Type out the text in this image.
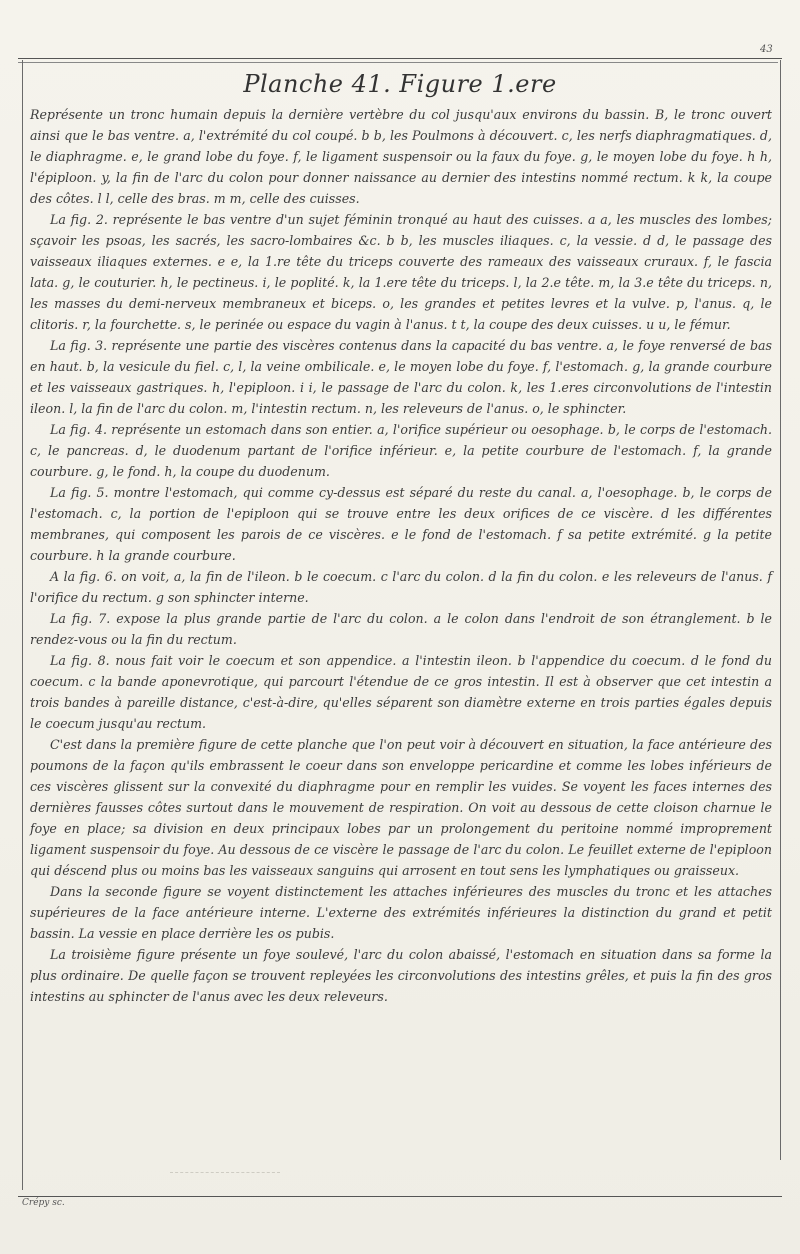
43
Planche 41. Figure 1.ere

Représente un tronc humain depuis la dernière vertèbre du col jusqu'aux environs du bassin. B, le tronc ouvert ainsi que le bas ventre. a, l'extrémité du col coupé. b b, les Poulmons à découvert. c, les nerfs diaphragmatiques. d, le diaphragme. e, le grand lobe du foye. f, le ligament suspensoir ou la faux du foye. g, le moyen lobe du foye. h h, l'épiploon. y, la fin de l'arc du colon pour donner naissance au dernier des intestins nommé rectum. k k, la coupe des côtes. l l, celle des bras. m m, celle des cuisses.

La fig. 2. représente le bas ventre d'un sujet féminin tronqué au haut des cuisses. a a, les muscles des lombes; sçavoir les psoas, les sacrés, les sacro-lombaires &c. b b, les muscles iliaques. c, la vessie. d d, le passage des vaisseaux iliaques externes. e e, la 1.re tête du triceps couverte des rameaux des vaisseaux cruraux. f, le fascia lata. g, le couturier. h, le pectineus. i, le poplité. k, la 1.ere tête du triceps. l, la 2.e tête. m, la 3.e tête du triceps. n, les masses du demi-nerveux membraneux et biceps. o, les grandes et petites levres et la vulve. p, l'anus. q, le clitoris. r, la fourchette. s, le perinée ou espace du vagin à l'anus. t t, la coupe des deux cuisses. u u, le fémur.

La fig. 3. représente une partie des viscères contenus dans la capacité du bas ventre. a, le foye renversé de bas en haut. b, la vesicule du fiel. c, l, la veine ombilicale. e, le moyen lobe du foye. f, l'estomach. g, la grande courbure et les vaisseaux gastriques. h, l'epiploon. i i, le passage de l'arc du colon. k, les 1.eres circonvolutions de l'intestin ileon. l, la fin de l'arc du colon. m, l'intestin rectum. n, les releveurs de l'anus. o, le sphincter.

La fig. 4. représente un estomach dans son entier. a, l'orifice supérieur ou oesophage. b, le corps de l'estomach. c, le pancreas. d, le duodenum partant de l'orifice inférieur. e, la petite courbure de l'estomach. f, la grande courbure. g, le fond. h, la coupe du duodenum.

La fig. 5. montre l'estomach, qui comme cy-dessus est séparé du reste du canal. a, l'oesophage. b, le corps de l'estomach. c, la portion de l'epiploon qui se trouve entre les deux orifices de ce viscère. d les différentes membranes, qui composent les parois de ce viscères. e le fond de l'estomach. f sa petite extrémité. g la petite courbure. h la grande courbure.

A la fig. 6. on voit, a, la fin de l'ileon. b le coecum. c l'arc du colon. d la fin du colon. e les releveurs de l'anus. f l'orifice du rectum. g son sphincter interne.

La fig. 7. expose la plus grande partie de l'arc du colon. a le colon dans l'endroit de son étranglement. b le rendez-vous ou la fin du rectum.

La fig. 8. nous fait voir le coecum et son appendice. a l'intestin ileon. b l'appendice du coecum. d le fond du coecum. c la bande aponevrotique, qui parcourt l'étendue de ce gros intestin. Il est à observer que cet intestin a trois bandes à pareille distance, c'est-à-dire, qu'elles séparent son diamètre externe en trois parties égales depuis le coecum jusqu'au rectum.

C'est dans la première figure de cette planche que l'on peut voir à découvert en situation, la face antérieure des poumons de la façon qu'ils embrassent le coeur dans son enveloppe pericardine et comme les lobes inférieurs de ces viscères glissent sur la convexité du diaphragme pour en remplir les vuides. Se voyent les faces internes des dernières fausses côtes surtout dans le mouvement de respiration. On voit au dessous de cette cloison charnue le foye en place; sa division en deux principaux lobes par un prolongement du peritoine nommé improprement ligament suspensoir du foye. Au dessous de ce viscère le passage de l'arc du colon. Le feuillet externe de l'epiploon qui déscend plus ou moins bas les vaisseaux sanguins qui arrosent en tout sens les lymphatiques ou graisseux.

Dans la seconde figure se voyent distinctement les attaches inférieures des muscles du tronc et les attaches supérieures de la face antérieure interne. L'externe des extrémités inférieures la distinction du grand et petit bassin. La vessie en place derrière les os pubis.

La troisième figure présente un foye soulevé, l'arc du colon abaissé, l'estomach en situation dans sa forme la plus ordinaire. De quelle façon se trouvent repleyées les circonvolutions des intestins grêles, et puis la fin des gros intestins au sphincter de l'anus avec les deux releveurs.

Crépy sc.
